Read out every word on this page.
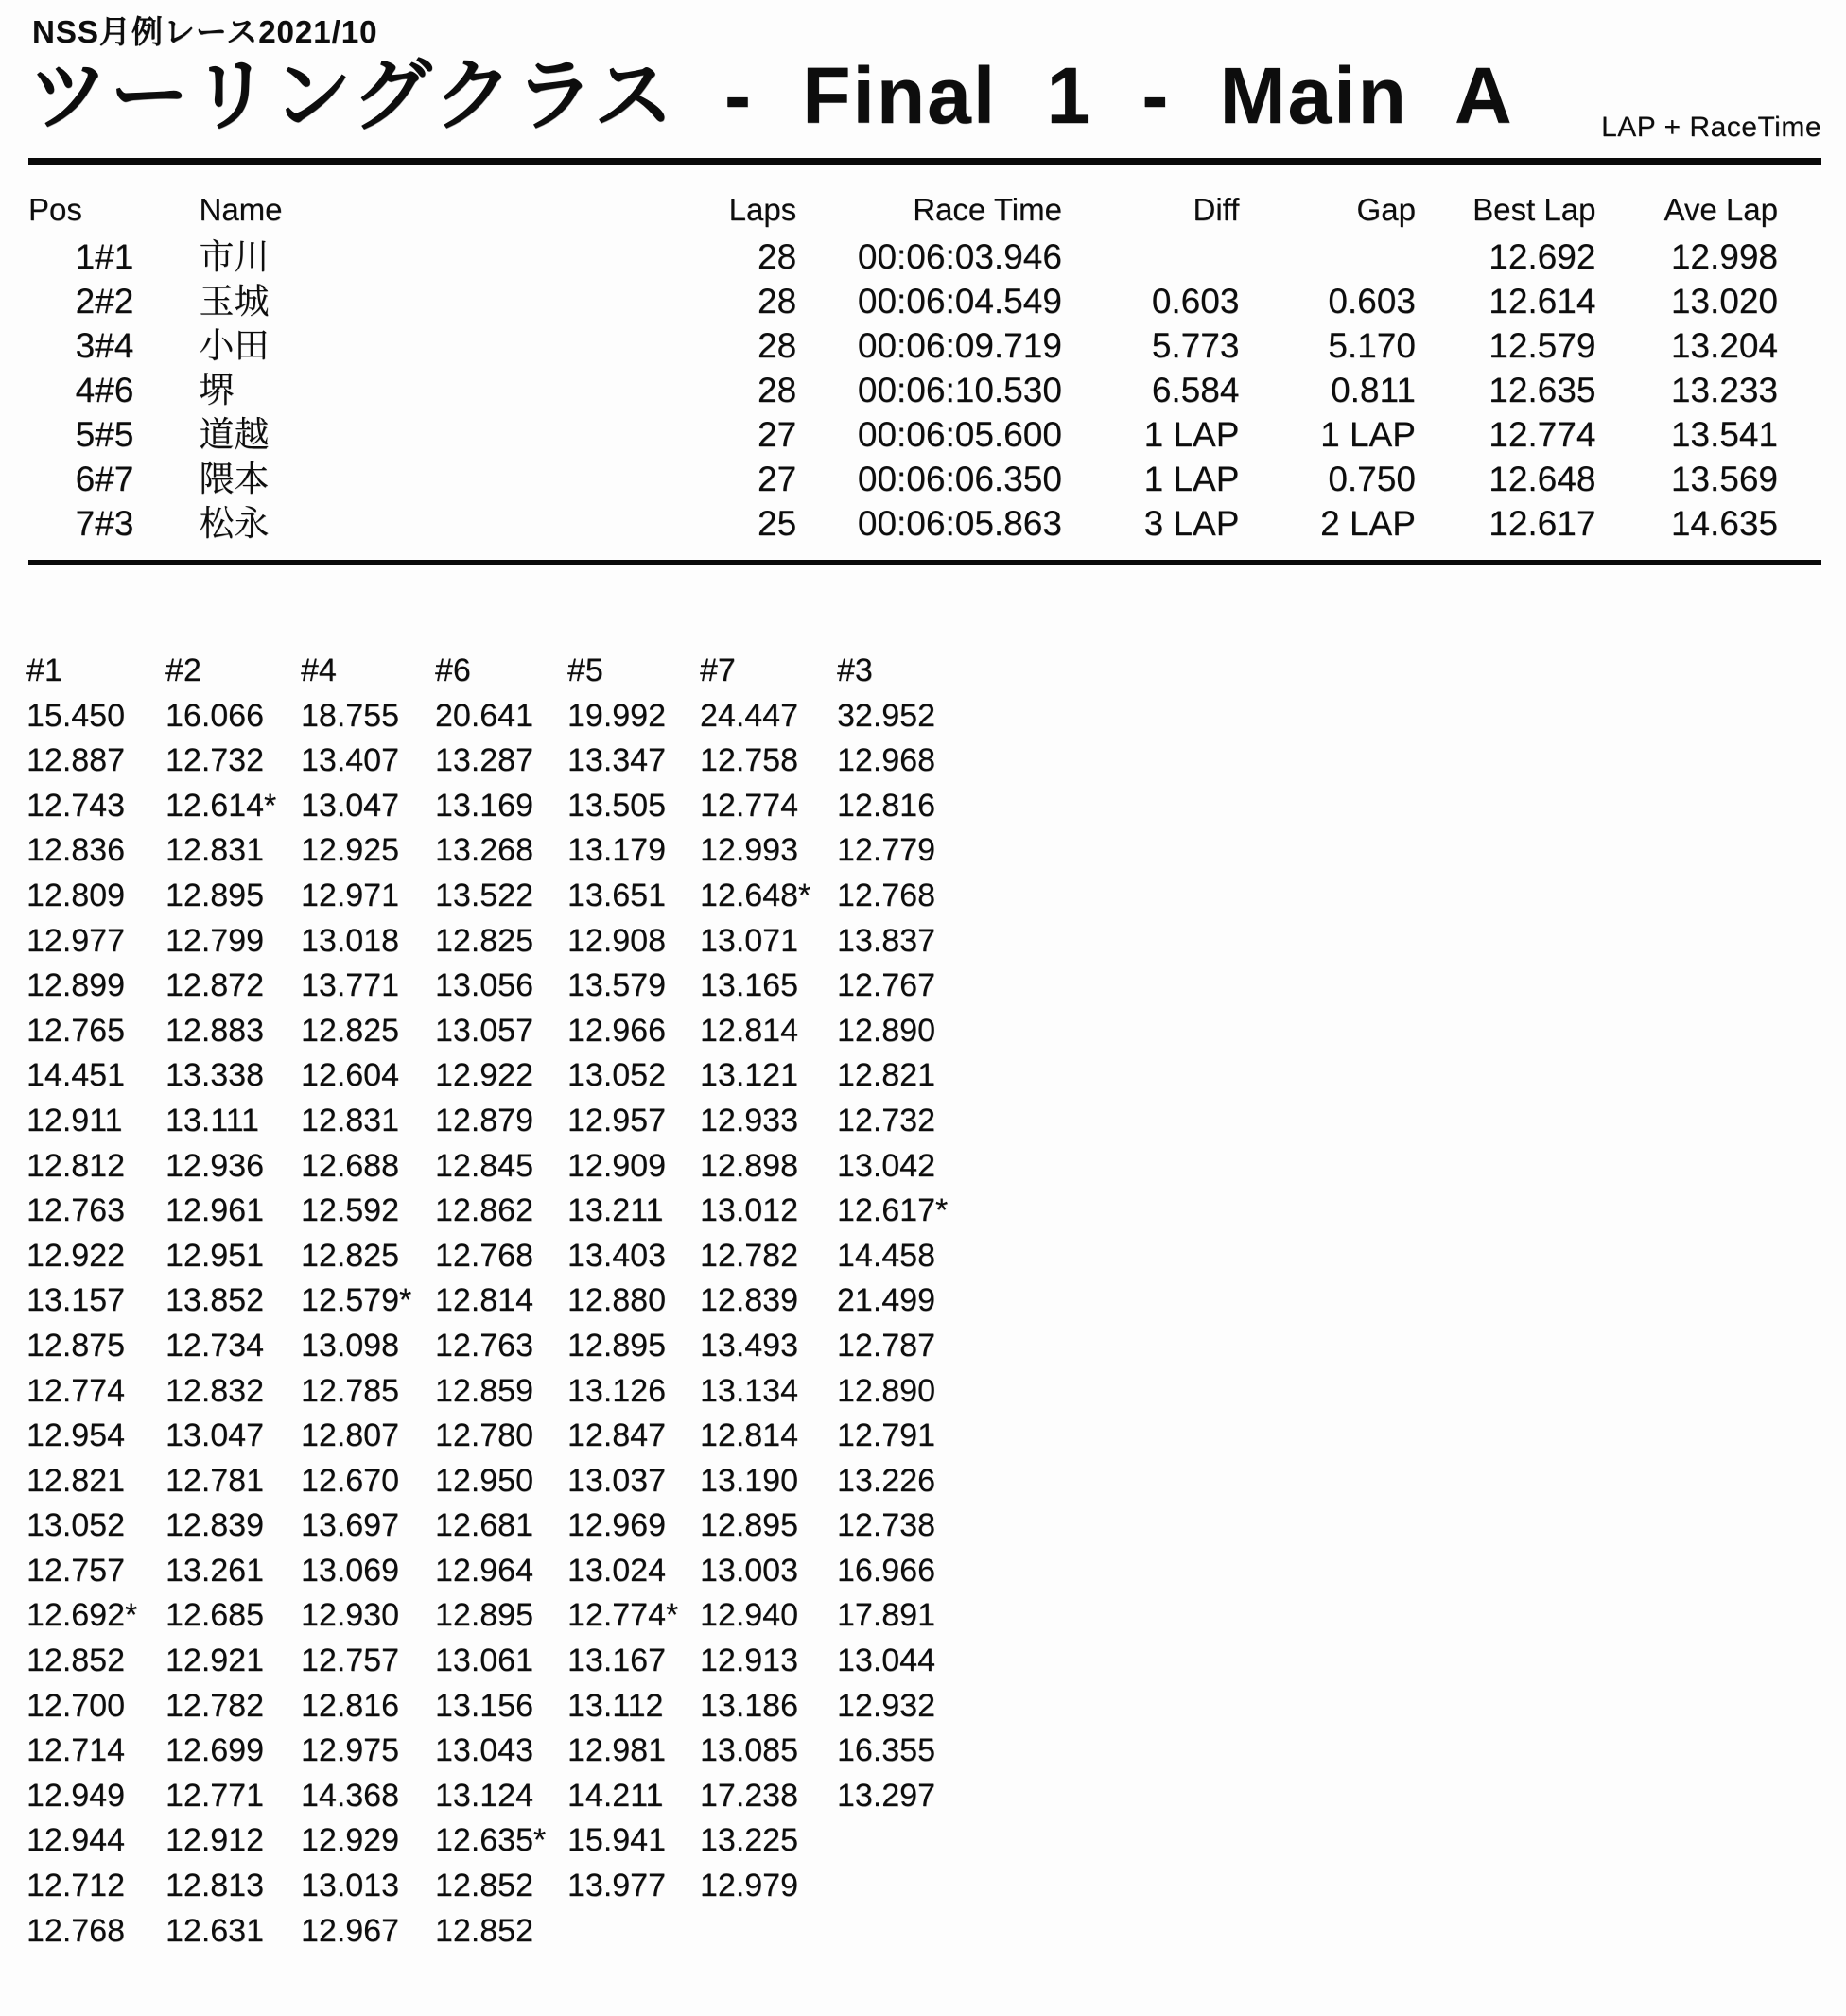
NSS月例レース2021/10
ツーリングクラス - Final 1 - Main A	LAP + RaceTime
Pos		Name	Laps	Race Time	Diff	Gap	Best Lap	Ave Lap
1	#1	市川	28	00:06:03.946			12.692	12.998
2	#2	玉城	28	00:06:04.549	0.603	0.603	12.614	13.020
3	#4	小田	28	00:06:09.719	5.773	5.170	12.579	13.204
4	#6	堺	28	00:06:10.530	6.584	0.811	12.635	13.233
5	#5	道越	27	00:06:05.600	1 LAP	1 LAP	12.774	13.541
6	#7	隈本	27	00:06:06.350	1 LAP	0.750	12.648	13.569
7	#3	松永	25	00:06:05.863	3 LAP	2 LAP	12.617	14.635
#1	#2	#4	#6	#5	#7	#3
15.450	16.066	18.755	20.641	19.992	24.447	32.952
12.887	12.732	13.407	13.287	13.347	12.758	12.968
12.743	12.614* 13.047	13.169	13.505	12.774	12.816
12.836	12.831	12.925	13.268	13.179	12.993	12.779
12.809	12.895	12.971	13.522	13.651	12.648* 12.768
12.977	12.799	13.018	12.825	12.908	13.071	13.837
12.899	12.872	13.771	13.056	13.579	13.165	12.767
12.765	12.883	12.825	13.057	12.966	12.814	12.890
14.451	13.338	12.604	12.922	13.052	13.121	12.821
12.911	13.111	12.831	12.879	12.957	12.933	12.732
12.812	12.936	12.688	12.845	12.909	12.898	13.042
12.763	12.961	12.592	12.862	13.211	13.012	12.617*
12.922	12.951	12.825	12.768	13.403	12.782	14.458
13.157	13.852	12.579* 12.814	12.880	12.839	21.499
12.875	12.734	13.098	12.763	12.895	13.493	12.787
12.774	12.832	12.785	12.859	13.126	13.134	12.890
12.954	13.047	12.807	12.780	12.847	12.814	12.791
12.821	12.781	12.670	12.950	13.037	13.190	13.226
13.052	12.839	13.697	12.681	12.969	12.895	12.738
12.757	13.261	13.069	12.964	13.024	13.003	16.966
12.692* 12.685	12.930	12.895	12.774* 12.940	17.891
12.852	12.921	12.757	13.061	13.167	12.913	13.044
12.700	12.782	12.816	13.156	13.112	13.186	12.932
12.714	12.699	12.975	13.043	12.981	13.085	16.355
12.949	12.771	14.368	13.124	14.211	17.238	13.297
12.944	12.912	12.929	12.635* 15.941	13.225
12.712	12.813	13.013	12.852	13.977	12.979
12.768	12.631	12.967	12.852
